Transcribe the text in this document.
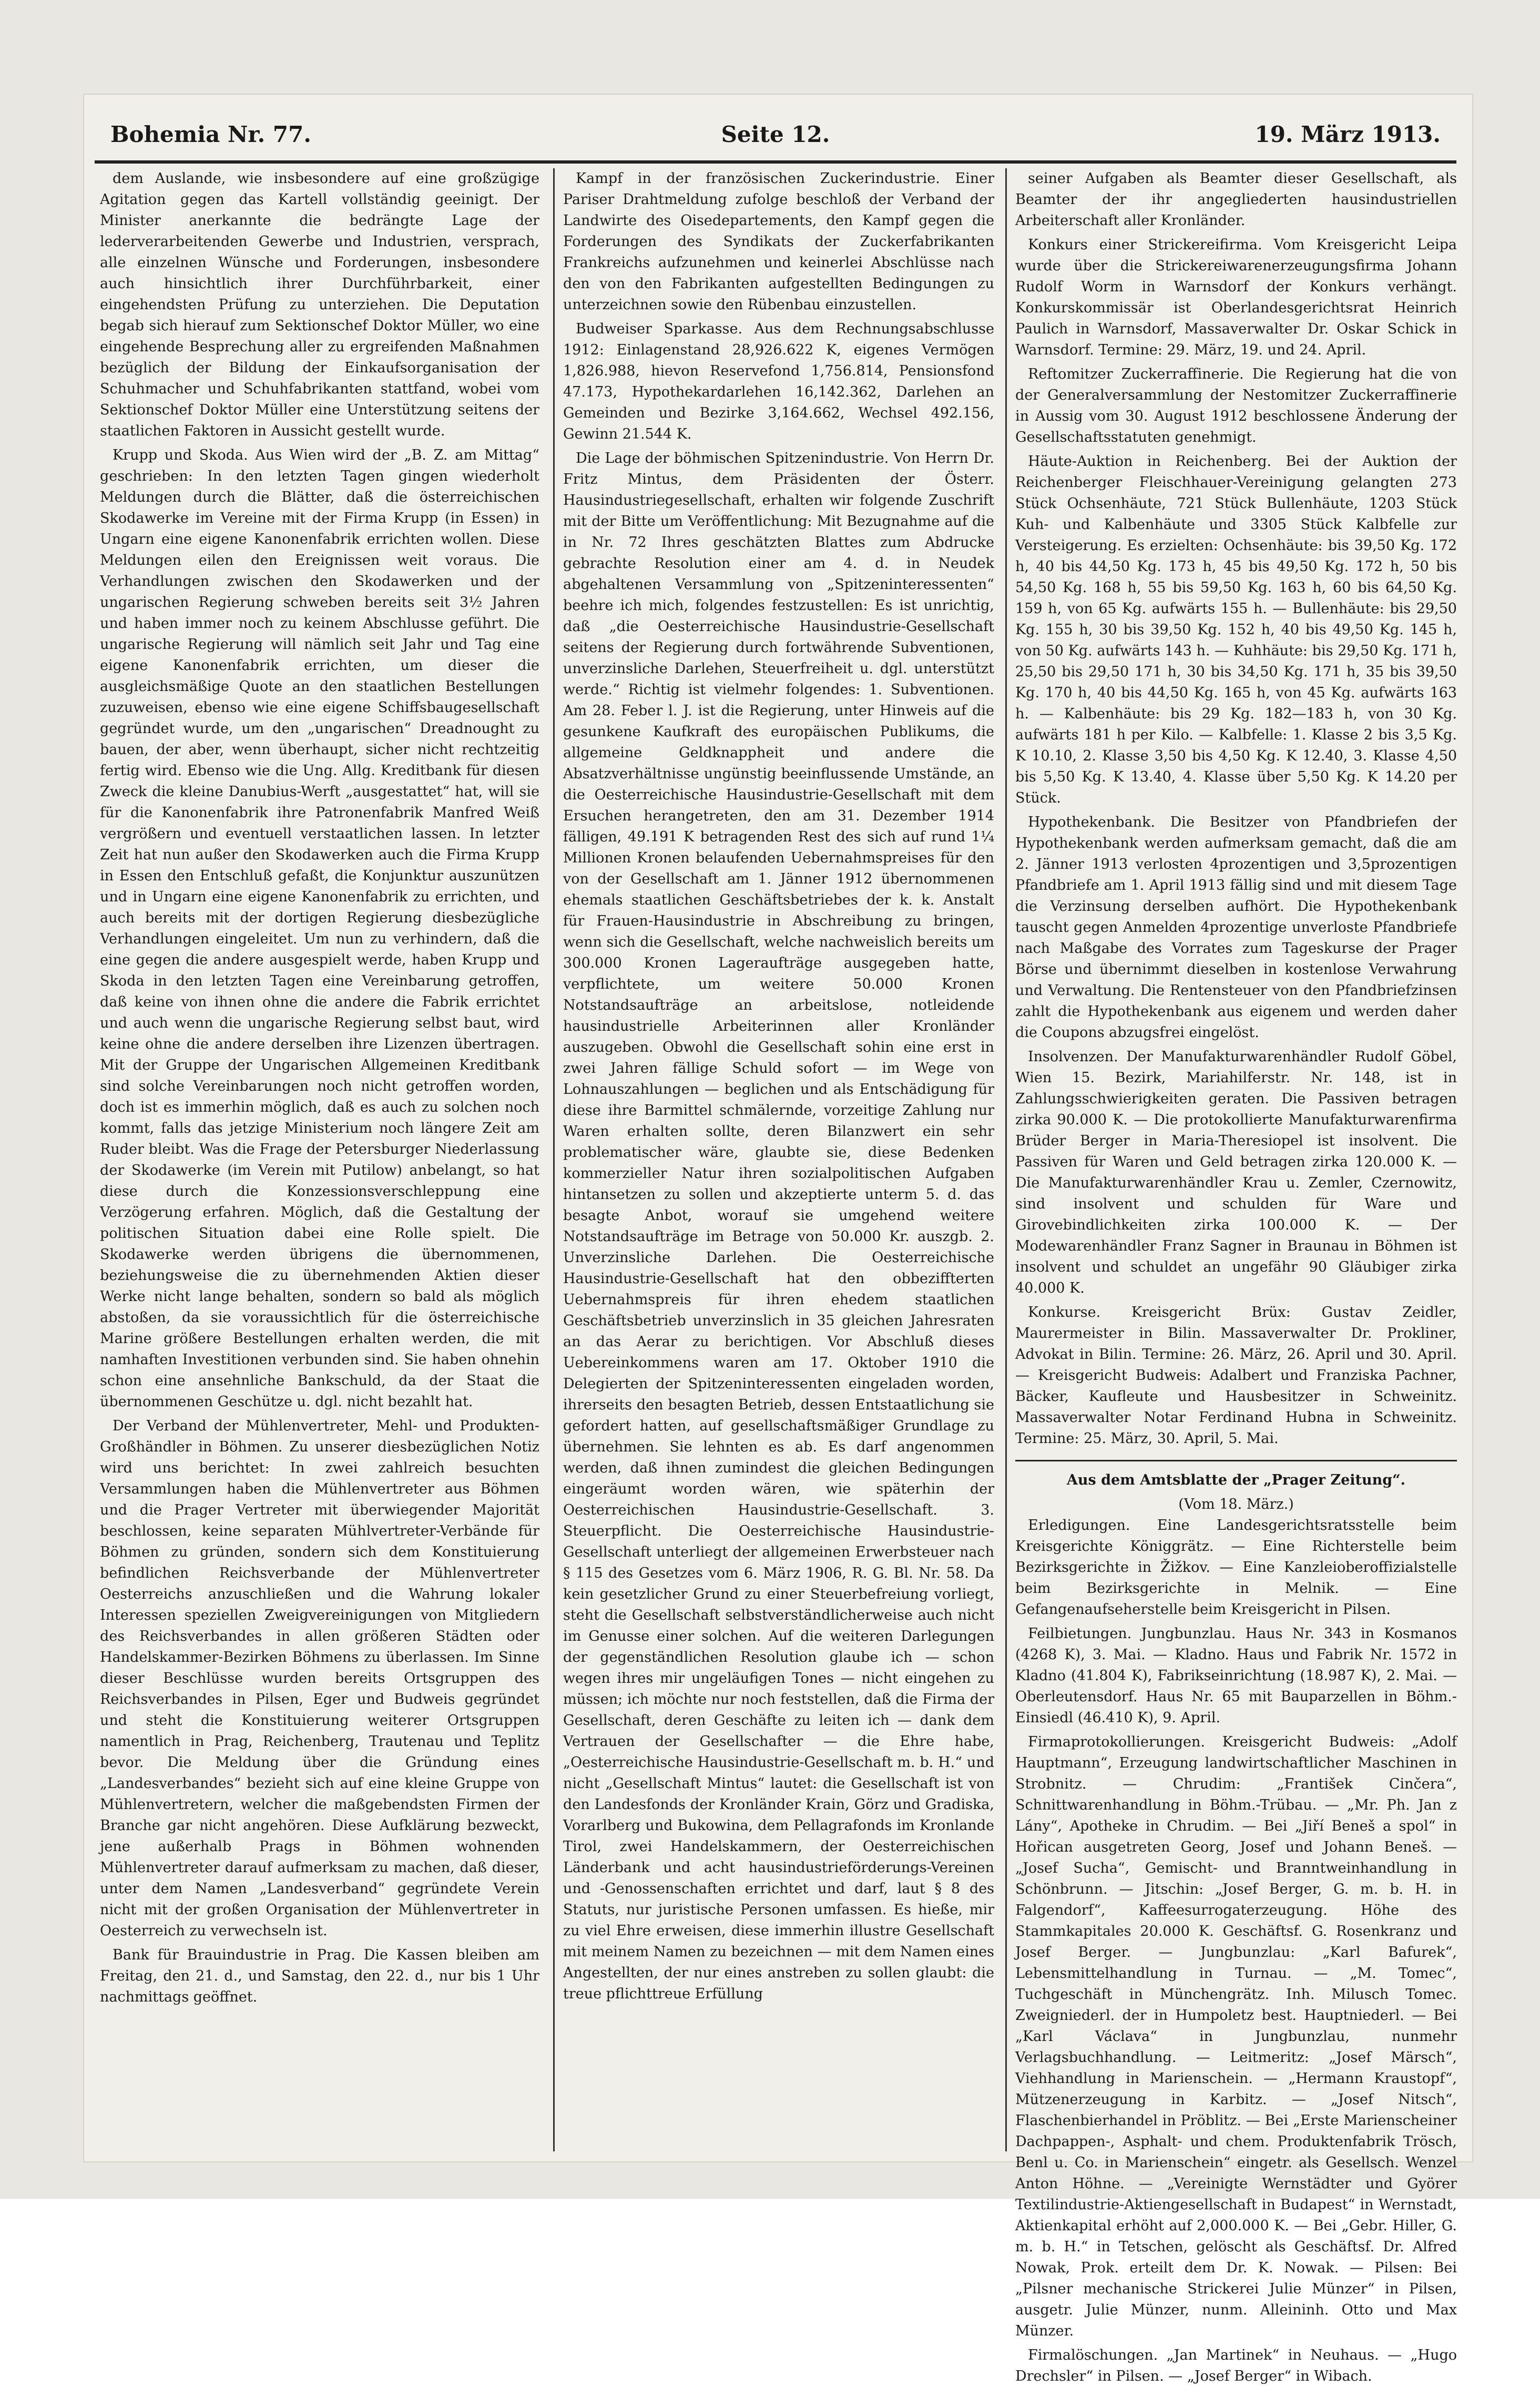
Bohemia Nr. 77.	Seite 12.	19. März 1913.

dem Auslande, wie insbesondere auf eine großzügige Agitation gegen das Kartell vollständig geeinigt. Der Minister anerkannte die bedrängte Lage der lederverarbeitenden Gewerbe und Industrien, versprach, alle einzelnen Wünsche und Forderungen, insbesondere auch hinsichtlich ihrer Durchführbarkeit, einer eingehendsten Prüfung zu unterziehen. Die Deputation begab sich hierauf zum Sektionschef Doktor Müller, wo eine eingehende Besprechung aller zu ergreifenden Maßnahmen bezüglich der Bildung der Einkaufsorganisation der Schuhmacher und Schuhfabrikanten stattfand, wobei vom Sektionschef Doktor Müller eine Unterstützung seitens der staatlichen Faktoren in Aussicht gestellt wurde.

Krupp und Skoda. Aus Wien wird der „B. Z. am Mittag“ geschrieben: In den letzten Tagen gingen wiederholt Meldungen durch die Blätter, daß die österreichischen Skodawerke im Vereine mit der Firma Krupp (in Essen) in Ungarn eine eigene Kanonenfabrik errichten wollen. Diese Meldungen eilen den Ereignissen weit voraus. Die Verhandlungen zwischen den Skodawerken und der ungarischen Regierung schweben bereits seit 3½ Jahren und haben immer noch zu keinem Abschlusse geführt. Die ungarische Regierung will nämlich seit Jahr und Tag eine eigene Kanonenfabrik errichten, um dieser die ausgleichsmäßige Quote an den staatlichen Bestellungen zuzuweisen, ebenso wie eine eigene Schiffsbaugesellschaft gegründet wurde, um den „ungarischen“ Dreadnought zu bauen, der aber, wenn überhaupt, sicher nicht rechtzeitig fertig wird. Ebenso wie die Ung. Allg. Kreditbank für diesen Zweck die kleine Danubius-Werft „ausgestattet“ hat, will sie für die Kanonenfabrik ihre Patronenfabrik Manfred Weiß vergrößern und eventuell verstaatlichen lassen. In letzter Zeit hat nun außer den Skodawerken auch die Firma Krupp in Essen den Entschluß gefaßt, die Konjunktur auszunützen und in Ungarn eine eigene Kanonenfabrik zu errichten, und auch bereits mit der dortigen Regierung diesbezügliche Verhandlungen eingeleitet. Um nun zu verhindern, daß die eine gegen die andere ausgespielt werde, haben Krupp und Skoda in den letzten Tagen eine Vereinbarung getroffen, daß keine von ihnen ohne die andere die Fabrik errichtet und auch wenn die ungarische Regierung selbst baut, wird keine ohne die andere derselben ihre Lizenzen übertragen. Mit der Gruppe der Ungarischen Allgemeinen Kreditbank sind solche Vereinbarungen noch nicht getroffen worden, doch ist es immerhin möglich, daß es auch zu solchen noch kommt, falls das jetzige Ministerium noch längere Zeit am Ruder bleibt. Was die Frage der Petersburger Niederlassung der Skodawerke (im Verein mit Putilow) anbelangt, so hat diese durch die Konzessionsverschleppung eine Verzögerung erfahren. Möglich, daß die Gestaltung der politischen Situation dabei eine Rolle spielt. Die Skodawerke werden übrigens die übernommenen, beziehungsweise die zu übernehmenden Aktien dieser Werke nicht lange behalten, sondern so bald als möglich abstoßen, da sie voraussichtlich für die österreichische Marine größere Bestellungen erhalten werden, die mit namhaften Investitionen verbunden sind. Sie haben ohnehin schon eine ansehnliche Bankschuld, da der Staat die übernommenen Geschütze u. dgl. nicht bezahlt hat.

Der Verband der Mühlenvertreter, Mehl- und Produkten-Großhändler in Böhmen. Zu unserer diesbezüglichen Notiz wird uns berichtet: In zwei zahlreich besuchten Versammlungen haben die Mühlenvertreter aus Böhmen und die Prager Vertreter mit überwiegender Majorität beschlossen, keine separaten Mühlvertreter-Verbände für Böhmen zu gründen, sondern sich dem Konstituierung befindlichen Reichsverbande der Mühlenvertreter Oesterreichs anzuschließen und die Wahrung lokaler Interessen speziellen Zweigvereinigungen von Mitgliedern des Reichsverbandes in allen größeren Städten oder Handelskammer-Bezirken Böhmens zu überlassen. Im Sinne dieser Beschlüsse wurden bereits Ortsgruppen des Reichsverbandes in Pilsen, Eger und Budweis gegründet und steht die Konstituierung weiterer Ortsgruppen namentlich in Prag, Reichenberg, Trautenau und Teplitz bevor. Die Meldung über die Gründung eines „Landesverbandes“ bezieht sich auf eine kleine Gruppe von Mühlenvertretern, welcher die maßgebendsten Firmen der Branche gar nicht angehören. Diese Aufklärung bezweckt, jene außerhalb Prags in Böhmen wohnenden Mühlenvertreter darauf aufmerksam zu machen, daß dieser, unter dem Namen „Landesverband“ gegründete Verein nicht mit der großen Organisation der Mühlenvertreter in Oesterreich zu verwechseln ist.

Bank für Brauindustrie in Prag. Die Kassen bleiben am Freitag, den 21. d., und Samstag, den 22. d., nur bis 1 Uhr nachmittags geöffnet.

Kampf in der französischen Zuckerindustrie. Einer Pariser Drahtmeldung zufolge beschloß der Verband der Landwirte des Oisedepartements, den Kampf gegen die Forderungen des Syndikats der Zuckerfabrikanten Frankreichs aufzunehmen und keinerlei Abschlüsse nach den von den Fabrikanten aufgestellten Bedingungen zu unterzeichnen sowie den Rübenbau einzustellen.

Budweiser Sparkasse. Aus dem Rechnungsabschlusse 1912: Einlagenstand 28,926.622 K, eigenes Vermögen 1,826.988, hievon Reservefond 1,756.814, Pensionsfond 47.173, Hypothekardarlehen 16,142.362, Darlehen an Gemeinden und Bezirke 3,164.662, Wechsel 492.156, Gewinn 21.544 K.

Die Lage der böhmischen Spitzenindustrie. Von Herrn Dr. Fritz Mintus, dem Präsidenten der Österr. Hausindustriegesellschaft, erhalten wir folgende Zuschrift mit der Bitte um Veröffentlichung: Mit Bezugnahme auf die in Nr. 72 Ihres geschätzten Blattes zum Abdrucke gebrachte Resolution einer am 4. d. in Neudek abgehaltenen Versammlung von „Spitzeninteressenten“ beehre ich mich, folgendes festzustellen: Es ist unrichtig, daß „die Oesterreichische Hausindustrie-Gesellschaft seitens der Regierung durch fortwährende Subventionen, unverzinsliche Darlehen, Steuerfreiheit u. dgl. unterstützt werde.“ Richtig ist vielmehr folgendes: 1. Subventionen. Am 28. Feber l. J. ist die Regierung, unter Hinweis auf die gesunkene Kaufkraft des europäischen Publikums, die allgemeine Geldknappheit und andere die Absatzverhältnisse ungünstig beeinflussende Umstände, an die Oesterreichische Hausindustrie-Gesellschaft mit dem Ersuchen herangetreten, den am 31. Dezember 1914 fälligen, 49.191 K betragenden Rest des sich auf rund 1¼ Millionen Kronen belaufenden Uebernahmspreises für den von der Gesellschaft am 1. Jänner 1912 übernommenen ehemals staatlichen Geschäftsbetriebes der k. k. Anstalt für Frauen-Hausindustrie in Abschreibung zu bringen, wenn sich die Gesellschaft, welche nachweislich bereits um 300.000 Kronen Lageraufträge ausgegeben hatte, verpflichtete, um weitere 50.000 Kronen Notstandsaufträge an arbeitslose, notleidende hausindustrielle Arbeiterinnen aller Kronländer auszugeben. Obwohl die Gesellschaft sohin eine erst in zwei Jahren fällige Schuld sofort — im Wege von Lohnauszahlungen — beglichen und als Entschädigung für diese ihre Barmittel schmälernde, vorzeitige Zahlung nur Waren erhalten sollte, deren Bilanzwert ein sehr problematischer wäre, glaubte sie, diese Bedenken kommerzieller Natur ihren sozialpolitischen Aufgaben hintansetzen zu sollen und akzeptierte unterm 5. d. das besagte Anbot, worauf sie umgehend weitere Notstandsaufträge im Betrage von 50.000 Kr. auszgb. 2. Unverzinsliche Darlehen. Die Oesterreichische Hausindustrie-Gesellschaft hat den obbeziffterten Uebernahmspreis für ihren ehedem staatlichen Geschäftsbetrieb unverzinslich in 35 gleichen Jahresraten an das Aerar zu berichtigen. Vor Abschluß dieses Uebereinkommens waren am 17. Oktober 1910 die Delegierten der Spitzeninteressenten eingeladen worden, ihrerseits den besagten Betrieb, dessen Entstaatlichung sie gefordert hatten, auf gesellschaftsmäßiger Grundlage zu übernehmen. Sie lehnten es ab. Es darf angenommen werden, daß ihnen zumindest die gleichen Bedingungen eingeräumt worden wären, wie späterhin der Oesterreichischen Hausindustrie-Gesellschaft. 3. Steuerpflicht. Die Oesterreichische Hausindustrie-Gesellschaft unterliegt der allgemeinen Erwerbsteuer nach § 115 des Gesetzes vom 6. März 1906, R. G. Bl. Nr. 58. Da kein gesetzlicher Grund zu einer Steuerbefreiung vorliegt, steht die Gesellschaft selbstverständlicherweise auch nicht im Genusse einer solchen. Auf die weiteren Darlegungen der gegenständlichen Resolution glaube ich — schon wegen ihres mir ungeläufigen Tones — nicht eingehen zu müssen; ich möchte nur noch feststellen, daß die Firma der Gesellschaft, deren Geschäfte zu leiten ich — dank dem Vertrauen der Gesellschafter — die Ehre habe, „Oesterreichische Hausindustrie-Gesellschaft m. b. H.“ und nicht „Gesellschaft Mintus“ lautet: die Gesellschaft ist von den Landesfonds der Kronländer Krain, Görz und Gradiska, Vorarlberg und Bukowina, dem Pellagrafonds im Kronlande Tirol, zwei Handelskammern, der Oesterreichischen Länderbank und acht hausindustrieförderungs-Vereinen und -Genossenschaften errichtet und darf, laut § 8 des Statuts, nur juristische Personen umfassen. Es hieße, mir zu viel Ehre erweisen, diese immerhin illustre Gesellschaft mit meinem Namen zu bezeichnen — mit dem Namen eines Angestellten, der nur eines anstreben zu sollen glaubt: die treue pflichttreue Erfüllung

seiner Aufgaben als Beamter dieser Gesellschaft, als Beamter der ihr angegliederten hausindustriellen Arbeiterschaft aller Kronländer.

Konkurs einer Strickereifirma. Vom Kreisgericht Leipa wurde über die Strickereiwarenerzeugungsfirma Johann Rudolf Worm in Warnsdorf der Konkurs verhängt. Konkurskommissär ist Oberlandesgerichtsrat Heinrich Paulich in Warnsdorf, Massaverwalter Dr. Oskar Schick in Warnsdorf. Termine: 29. März, 19. und 24. April.

Reftomitzer Zuckerraffinerie. Die Regierung hat die von der Generalversammlung der Nestomitzer Zuckerraffinerie in Aussig vom 30. August 1912 beschlossene Änderung der Gesellschaftsstatuten genehmigt.

Häute-Auktion in Reichenberg. Bei der Auktion der Reichenberger Fleischhauer-Vereinigung gelangten 273 Stück Ochsenhäute, 721 Stück Bullenhäute, 1203 Stück Kuh- und Kalbenhäute und 3305 Stück Kalbfelle zur Versteigerung. Es erzielten: Ochsenhäute: bis 39,50 Kg. 172 h, 40 bis 44,50 Kg. 173 h, 45 bis 49,50 Kg. 172 h, 50 bis 54,50 Kg. 168 h, 55 bis 59,50 Kg. 163 h, 60 bis 64,50 Kg. 159 h, von 65 Kg. aufwärts 155 h. — Bullenhäute: bis 29,50 Kg. 155 h, 30 bis 39,50 Kg. 152 h, 40 bis 49,50 Kg. 145 h, von 50 Kg. aufwärts 143 h. — Kuhhäute: bis 29,50 Kg. 171 h, 25,50 bis 29,50 171 h, 30 bis 34,50 Kg. 171 h, 35 bis 39,50 Kg. 170 h, 40 bis 44,50 Kg. 165 h, von 45 Kg. aufwärts 163 h. — Kalbenhäute: bis 29 Kg. 182—183 h, von 30 Kg. aufwärts 181 h per Kilo. — Kalbfelle: 1. Klasse 2 bis 3,5 Kg. K 10.10, 2. Klasse 3,50 bis 4,50 Kg. K 12.40, 3. Klasse 4,50 bis 5,50 Kg. K 13.40, 4. Klasse über 5,50 Kg. K 14.20 per Stück.

Hypothekenbank. Die Besitzer von Pfandbriefen der Hypothekenbank werden aufmerksam gemacht, daß die am 2. Jänner 1913 verlosten 4prozentigen und 3,5prozentigen Pfandbriefe am 1. April 1913 fällig sind und mit diesem Tage die Verzinsung derselben aufhört. Die Hypothekenbank tauscht gegen Anmelden 4prozentige unverloste Pfandbriefe nach Maßgabe des Vorrates zum Tageskurse der Prager Börse und übernimmt dieselben in kostenlose Verwahrung und Verwaltung. Die Rentensteuer von den Pfandbriefzinsen zahlt die Hypothekenbank aus eigenem und werden daher die Coupons abzugsfrei eingelöst.

Insolvenzen. Der Manufakturwarenhändler Rudolf Göbel, Wien 15. Bezirk, Mariahilferstr. Nr. 148, ist in Zahlungsschwierigkeiten geraten. Die Passiven betragen zirka 90.000 K. — Die protokollierte Manufakturwarenfirma Brüder Berger in Maria-Theresiopel ist insolvent. Die Passiven für Waren und Geld betragen zirka 120.000 K. — Die Manufakturwarenhändler Krau u. Zemler, Czernowitz, sind insolvent und schulden für Ware und Girovebindlichkeiten zirka 100.000 K. — Der Modewarenhändler Franz Sagner in Braunau in Böhmen ist insolvent und schuldet an ungefähr 90 Gläubiger zirka 40.000 K.

Konkurse. Kreisgericht Brüx: Gustav Zeidler, Maurermeister in Bilin. Massaverwalter Dr. Prokliner, Advokat in Bilin. Termine: 26. März, 26. April und 30. April. — Kreisgericht Budweis: Adalbert und Franziska Pachner, Bäcker, Kaufleute und Hausbesitzer in Schweinitz. Massaverwalter Notar Ferdinand Hubna in Schweinitz. Termine: 25. März, 30. April, 5. Mai.

Aus dem Amtsblatte der „Prager Zeitung“.
(Vom 18. März.)

Erledigungen. Eine Landesgerichtsratsstelle beim Kreisgerichte Königgrätz. — Eine Richterstelle beim Bezirksgerichte in Žižkov. — Eine Kanzleioberoffizialstelle beim Bezirksgerichte in Melnik. — Eine Gefangenaufseherstelle beim Kreisgericht in Pilsen.

Feilbietungen. Jungbunzlau. Haus Nr. 343 in Kosmanos (4268 K), 3. Mai. — Kladno. Haus und Fabrik Nr. 1572 in Kladno (41.804 K), Fabrikseinrichtung (18.987 K), 2. Mai. — Oberleutensdorf. Haus Nr. 65 mit Bauparzellen in Böhm.-Einsiedl (46.410 K), 9. April.

Firmaprotokollierungen. Kreisgericht Budweis: „Adolf Hauptmann“, Erzeugung landwirtschaftlicher Maschinen in Strobnitz. — Chrudim: „František Cinčera“, Schnittwarenhandlung in Böhm.-Trübau. — „Mr. Ph. Jan z Lány“, Apotheke in Chrudim. — Bei „Jiří Beneš a spol“ in Hořican ausgetreten Georg, Josef und Johann Beneš. — „Josef Sucha“, Gemischt- und Branntweinhandlung in Schönbrunn. — Jitschin: „Josef Berger, G. m. b. H. in Falgendorf“, Kaffeesurrogaterzeugung. Höhe des Stammkapitales 20.000 K. Geschäftsf. G. Rosenkranz und Josef Berger. — Jungbunzlau: „Karl Bafurek“, Lebensmittelhandlung in Turnau. — „M. Tomec“, Tuchgeschäft in Münchengrätz. Inh. Milusch Tomec. Zweigniederl. der in Humpoletz best. Hauptniederl. — Bei „Karl Václava“ in Jungbunzlau, nunmehr Verlagsbuchhandlung. — Leitmeritz: „Josef Märsch“, Viehhandlung in Marienschein. — „Hermann Kraustopf“, Mützenerzeugung in Karbitz. — „Josef Nitsch“, Flaschenbierhandel in Pröblitz. — Bei „Erste Marienscheiner Dachpappen-, Asphalt- und chem. Produktenfabrik Trösch, Benl u. Co. in Marienschein“ eingetr. als Gesellsch. Wenzel Anton Höhne. — „Vereinigte Wernstädter und Györer Textilindustrie-Aktiengesellschaft in Budapest“ in Wernstadt, Aktienkapital erhöht auf 2,000.000 K. — Bei „Gebr. Hiller, G. m. b. H.“ in Tetschen, gelöscht als Geschäftsf. Dr. Alfred Nowak, Prok. erteilt dem Dr. K. Nowak. — Pilsen: Bei „Pilsner mechanische Strickerei Julie Münzer“ in Pilsen, ausgetr. Julie Münzer, nunm. Alleininh. Otto und Max Münzer.

Firmalöschungen. „Jan Martinek“ in Neuhaus. — „Hugo Drechsler“ in Pilsen. — „Josef Berger“ in Wibach.
